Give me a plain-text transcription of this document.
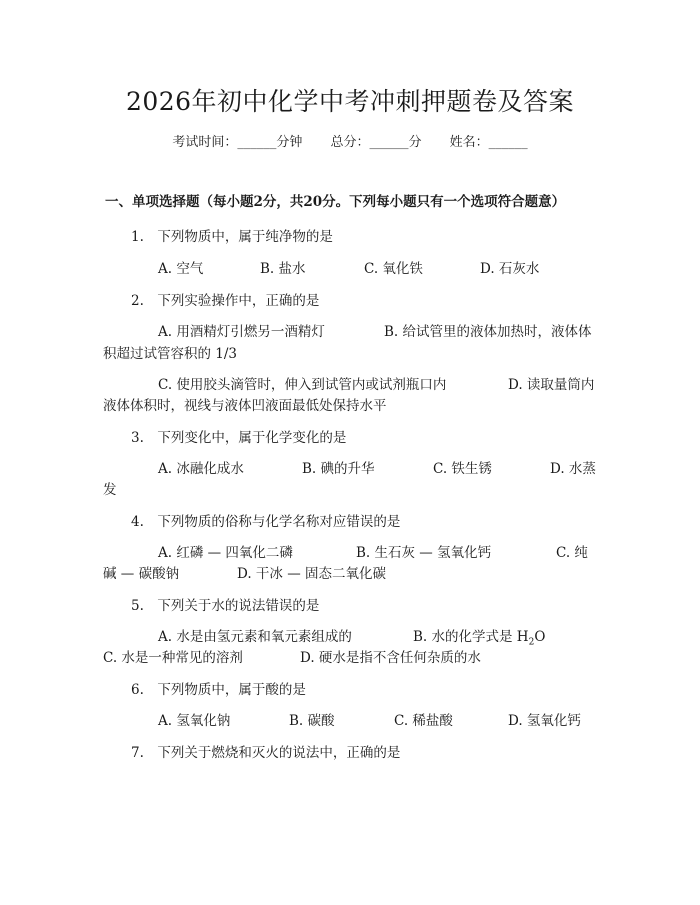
2026年初中化学中考冲刺押题卷及答案
考试时间：______分钟 总分：______分 姓名：______
一、单项选择题（每小题2分，共20分。下列每小题只有一个选项符合题意）
1.　下列物质中，属于纯净物的是
A. 空气	B. 盐水	C. 氧化铁	D. 石灰水
2.　下列实验操作中，正确的是
A. 用酒精灯引燃另一酒精灯	B. 给试管里的液体加热时，液体体
积超过试管容积的 1/3
C. 使用胶头滴管时，伸入到试管内或试剂瓶口内	D. 读取量筒内
液体体积时，视线与液体凹液面最低处保持水平
3.　下列变化中，属于化学变化的是
A. 冰融化成水	B. 碘的升华	C. 铁生锈	D. 水蒸
发
4.　下列物质的俗称与化学名称对应错误的是
A. 红磷 — 四氧化二磷	B. 生石灰 — 氢氧化钙	C. 纯
碱 — 碳酸钠	D. 干冰 — 固态二氧化碳
5.　下列关于水的说法错误的是
A. 水是由氢元素和氧元素组成的	B. 水的化学式是 $H_2O$
C. 水是一种常见的溶剂	D. 硬水是指不含任何杂质的水
6.　下列物质中，属于酸的是
A. 氢氧化钠	B. 碳酸	C. 稀盐酸	D. 氢氧化钙
7.　下列关于燃烧和灭火的说法中，正确的是
